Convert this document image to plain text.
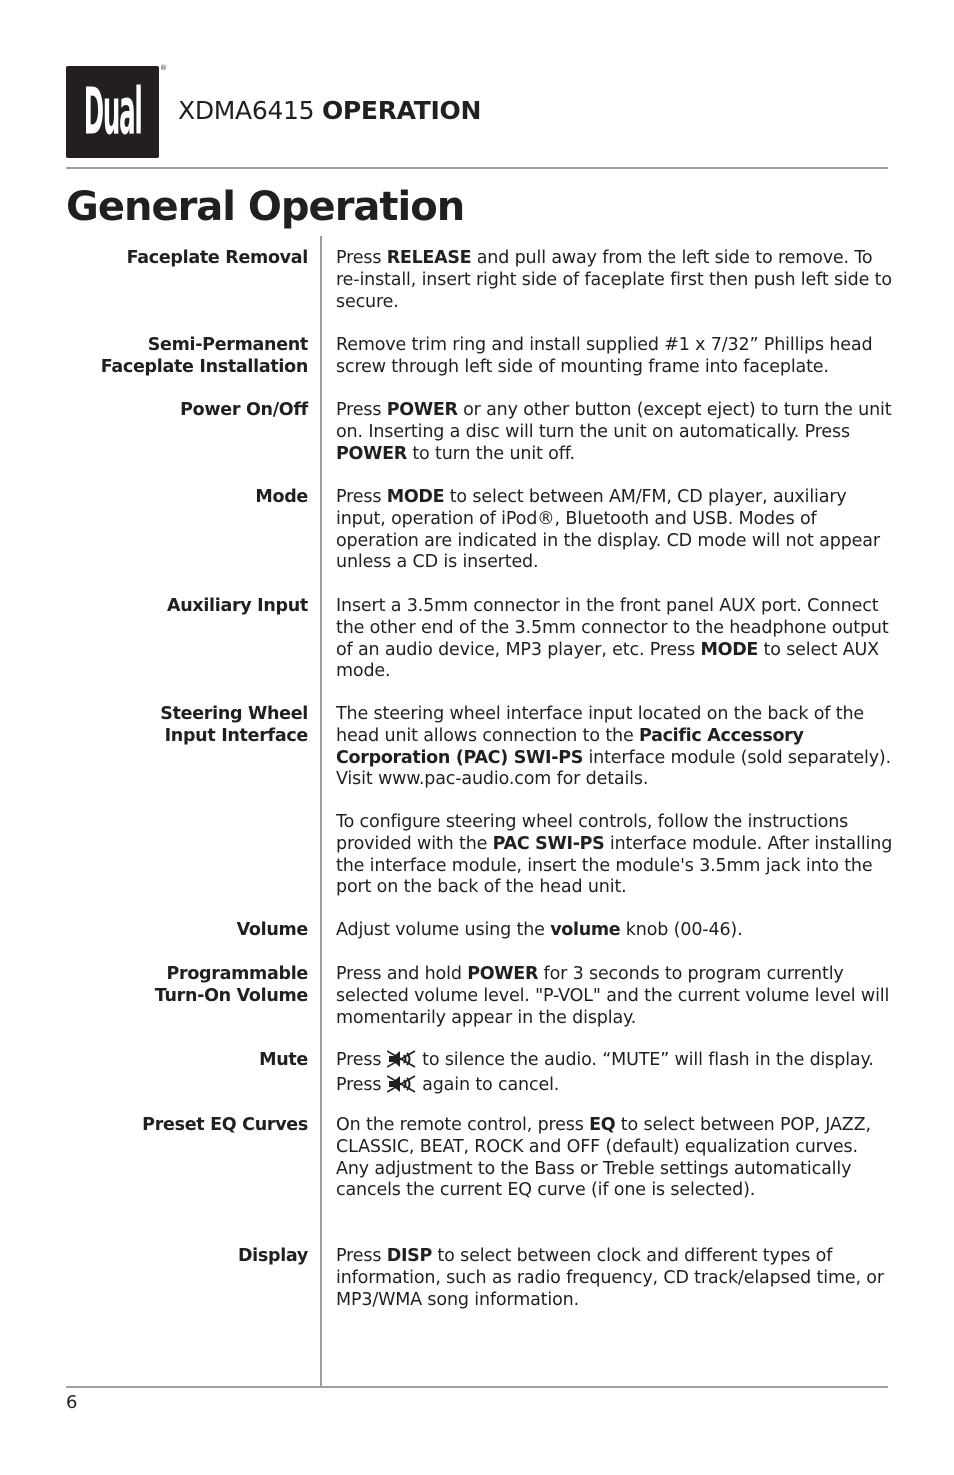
Dual
®
XDMA6415 OPERATION
General Operation
Faceplate Removal Press RELEASE and pull away from the left side to remove. To re-install, insert right side of faceplate first then push left side to secure.
Semi-Permanent
Faceplate Installation
Remove trim ring and install supplied #1 x 7/32” Phillips head screw through left side of mounting frame into faceplate.
Power On/Off Press POWER or any other button (except eject) to turn the unit on. Inserting a disc will turn the unit on automatically. Press POWER to turn the unit off.
Mode Press MODE to select between AM/FM, CD player, auxiliary input, operation of iPod®, Bluetooth and USB. Modes of operation are indicated in the display. CD mode will not appear unless a CD is inserted.
Auxiliary Input Insert a 3.5mm connector in the front panel AUX port. Connect the other end of the 3.5mm connector to the headphone output of an audio device, MP3 player, etc. Press MODE to select AUX mode.
Steering Wheel
Input Interface
The steering wheel interface input located on the back of the head unit allows connection to the Pacific Accessory Corporation (PAC) SWI-PS interface module (sold separately). Visit www.pac-audio.com for details.
To configure steering wheel controls, follow the instructions provided with the PAC SWI-PS interface module. After installing the interface module, insert the module's 3.5mm jack into the port on the back of the head unit.
Volume Adjust volume using the volume knob (00-46).
Programmable
Turn-On Volume
Press and hold POWER for 3 seconds to program currently selected volume level. "P-VOL" and the current volume level will momentarily appear in the display.
Mute Press  to silence the audio. “MUTE” will flash in the display. Press  again to cancel.
Preset EQ Curves On the remote control, press EQ to select between POP, JAZZ, CLASSIC, BEAT, ROCK and OFF (default) equalization curves. Any adjustment to the Bass or Treble settings automatically cancels the current EQ curve (if one is selected).
Display Press DISP to select between clock and different types of information, such as radio frequency, CD track/elapsed time, or MP3/WMA song information.
6
